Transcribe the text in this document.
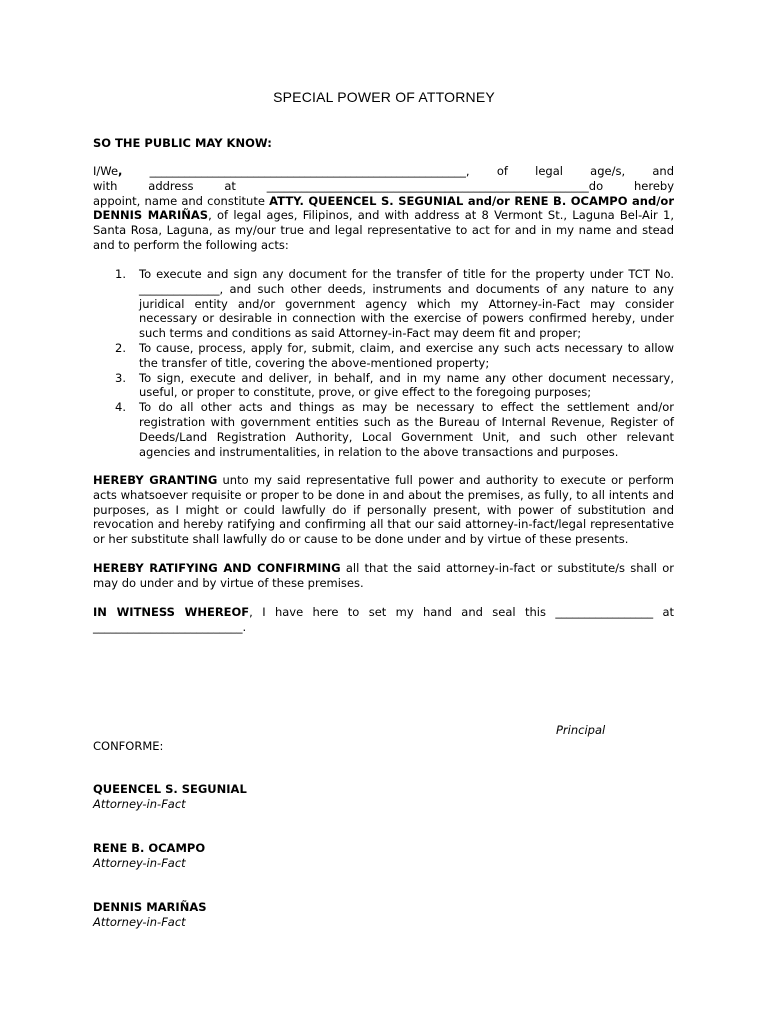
SPECIAL POWER OF ATTORNEY
SO THE PUBLIC MAY KNOW:
I/We, _______________________________________________________, of legal age/s, and
with address at	________________________________________________________do hereby

appoint, name and constitute ATTY. QUEENCEL S. SEGUNIAL and/or RENE B. OCAMPO and/or DENNIS MARIÑAS, of legal ages, Filipinos, and with address at 8 Vermont St., Laguna Bel-Air 1, Santa Rosa, Laguna, as my/our true and legal representative to act for and in my name and stead and to perform the following acts:

1. To execute and sign any document for the transfer of title for the property under TCT No. ______________, and such other deeds, instruments and documents of any nature to any juridical entity and/or government agency which my Attorney-in-Fact may consider necessary or desirable in connection with the exercise of powers confirmed hereby, under such terms and conditions as said Attorney-in-Fact may deem fit and proper;
2. To cause, process, apply for, submit, claim, and exercise any such acts necessary to allow the transfer of title, covering the above-mentioned property;
3. To sign, execute and deliver, in behalf, and in my name any other document necessary, useful, or proper to constitute, prove, or give effect to the foregoing purposes;
4. To do all other acts and things as may be necessary to effect the settlement and/or registration with government entities such as the Bureau of Internal Revenue, Register of Deeds/Land Registration Authority, Local Government Unit, and such other relevant agencies and instrumentalities, in relation to the above transactions and purposes.

HEREBY GRANTING unto my said representative full power and authority to execute or perform acts whatsoever requisite or proper to be done in and about the premises, as fully, to all intents and purposes, as I might or could lawfully do if personally present, with power of substitution and revocation and hereby ratifying and confirming all that our said attorney-in-fact/legal representative or her substitute shall lawfully do or cause to be done under and by virtue of these presents.

HEREBY RATIFYING AND CONFIRMING all that the said attorney-in-fact or substitute/s shall or may do under and by virtue of these premises.

IN WITNESS WHEREOF, I have here to set my hand and seal this _________________ at
__________________________.
Principal
CONFORME:
QUEENCEL S. SEGUNIAL
Attorney-in-Fact
RENE B. OCAMPO
Attorney-in-Fact
DENNIS MARIÑAS
Attorney-in-Fact
